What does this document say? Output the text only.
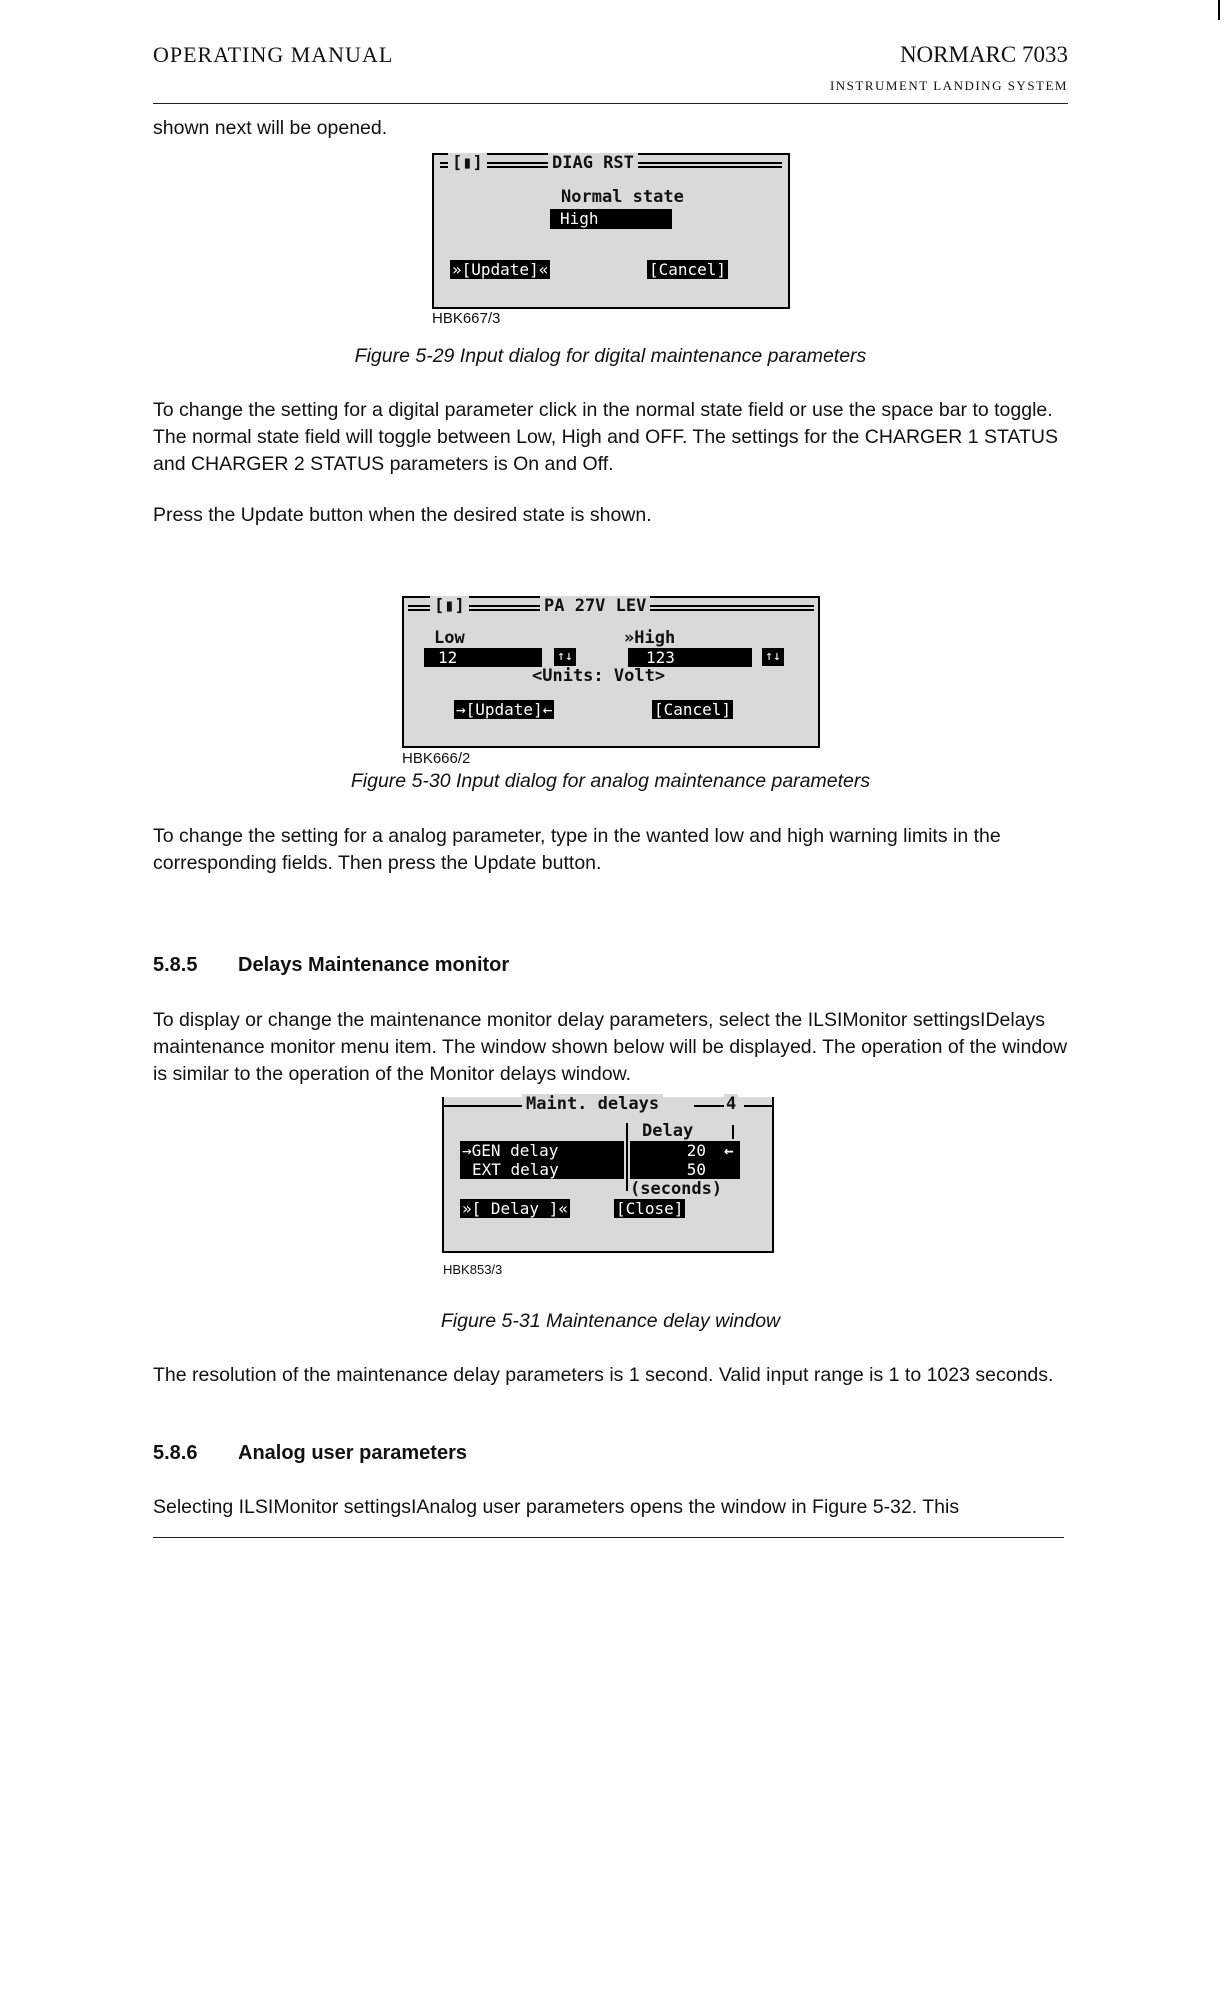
OPERATING MANUAL	NORMARC 7033
INSTRUMENT LANDING SYSTEM
shown next will be opened.
[▮]	DIAG RST
Normal state
High
»[Update]«	[Cancel]
HBK667/3
Figure 5-29 Input dialog for digital maintenance parameters
To change the setting for a digital parameter click in the normal state field or use the space bar to toggle. The normal state field will toggle between Low, High and OFF. The settings for the CHARGER 1 STATUS and CHARGER 2 STATUS parameters is On and Off.
Press the Update button when the desired state is shown.
[▮]	PA 27V LEV
Low	»High
12	↑↓	123	↑↓
<Units: Volt>
→[Update]←	[Cancel]
HBK666/2
Figure 5-30 Input dialog for analog maintenance parameters
To change the setting for a analog parameter, type in the wanted low and high warning limits in the corresponding fields. Then press the Update button.
5.8.5 Delays Maintenance monitor
To display or change the maintenance monitor delay parameters, select the ILSIMonitor settingsIDelays maintenance monitor menu item. The window shown below will be displayed. The operation of the window is similar to the operation of the Monitor delays window.
Maint. delays	4
Delay
→GEN delay	20	←
EXT delay	50
(seconds)
»[ Delay ]«	[Close]
HBK853/3
Figure 5-31 Maintenance delay window
The resolution of the maintenance delay parameters is 1 second. Valid input range is 1 to 1023 seconds.
5.8.6 Analog user parameters
Selecting ILSIMonitor settingsIAnalog user parameters opens the window in Figure 5-32. This
